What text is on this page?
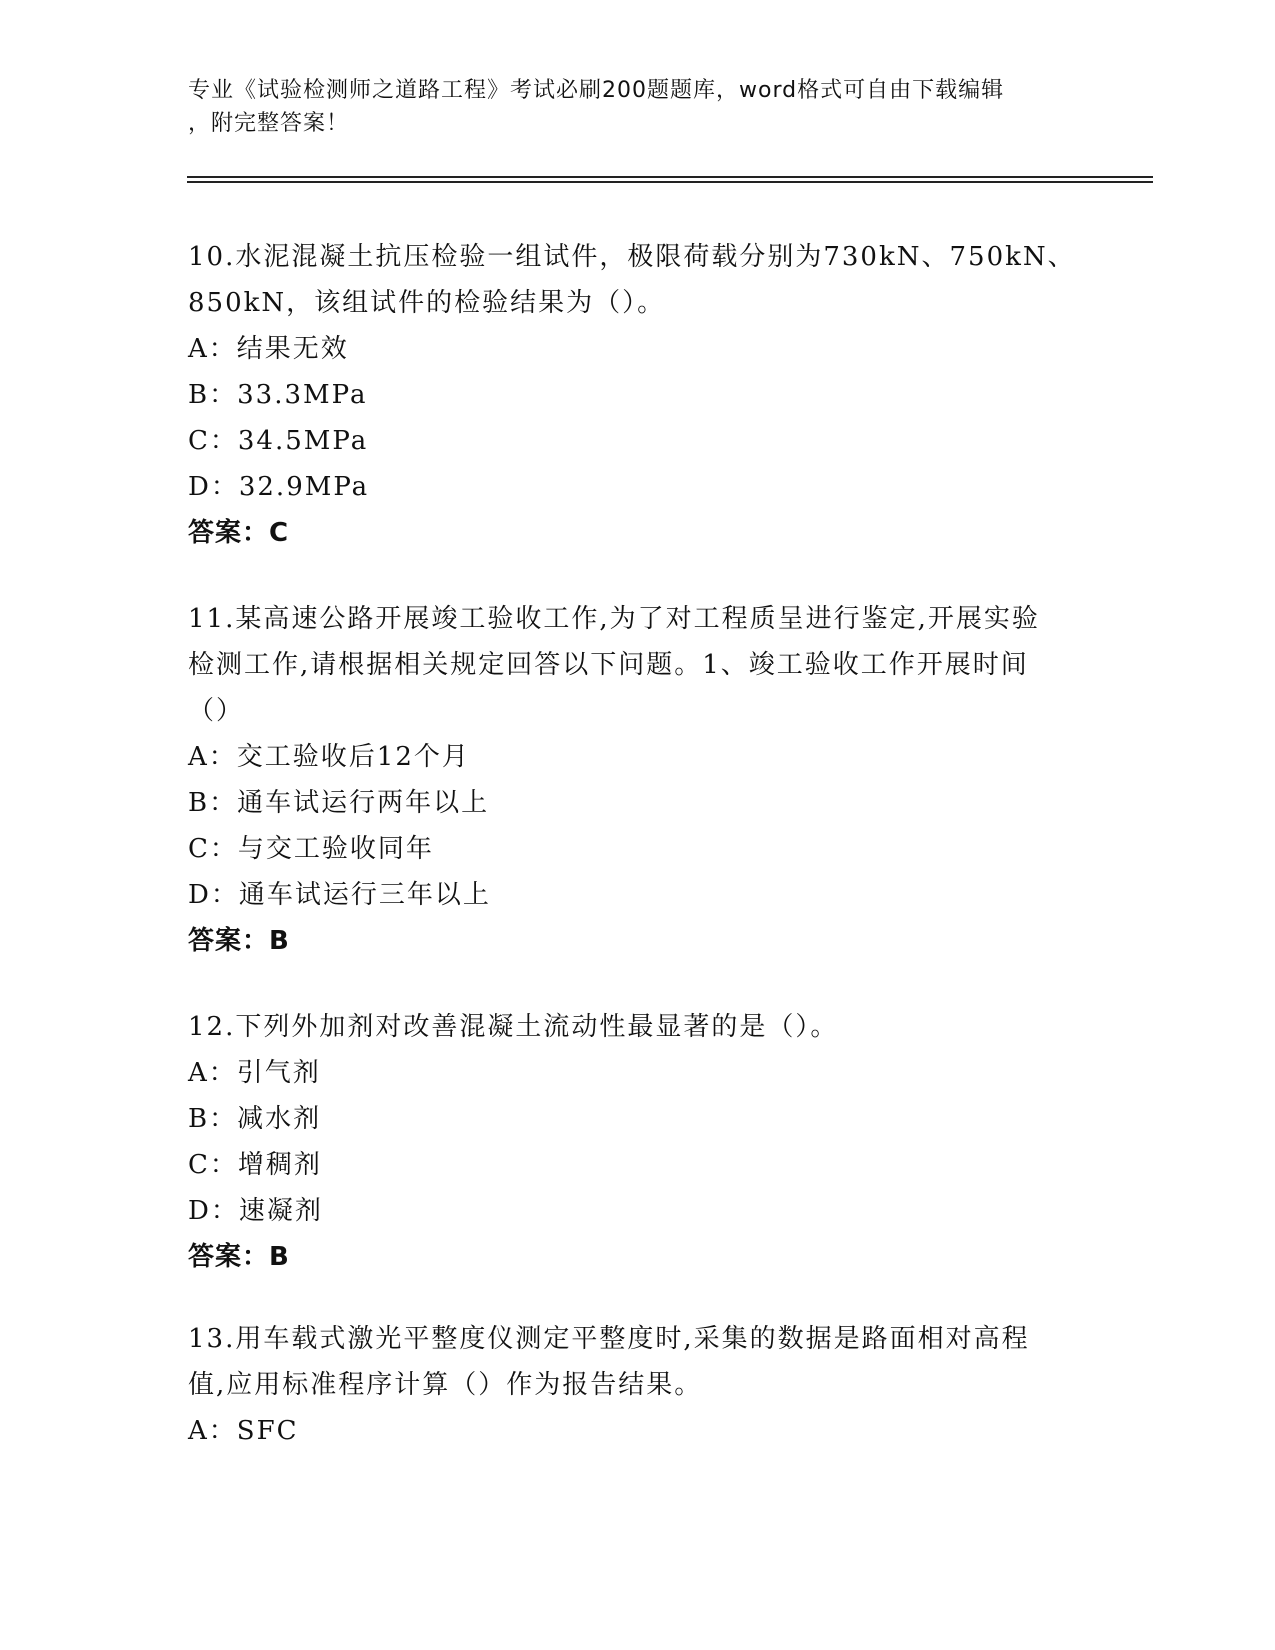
专业《试验检测师之道路工程》考试必刷200题题库，word格式可自由下载编辑
，附完整答案！

10.水泥混凝土抗压检验一组试件，极限荷载分别为730kN、750kN、

850kN，该组试件的检验结果为（）。

A：结果无效

B：33.3MPa

C：34.5MPa

D：32.9MPa

答案：C

11.某高速公路开展竣工验收工作,为了对工程质呈进行鉴定,开展实验

检测工作,请根据相关规定回答以下问题。1、竣工验收工作开展时间

（）

A：交工验收后12个月

B：通车试运行两年以上

C：与交工验收同年

D：通车试运行三年以上

答案：B

12.下列外加剂对改善混凝土流动性最显著的是（）。

A：引气剂

B：减水剂

C：增稠剂

D：速凝剂

答案：B

13.用车载式激光平整度仪测定平整度时,采集的数据是路面相对高程

值,应用标准程序计算（）作为报告结果。

A：SFC
